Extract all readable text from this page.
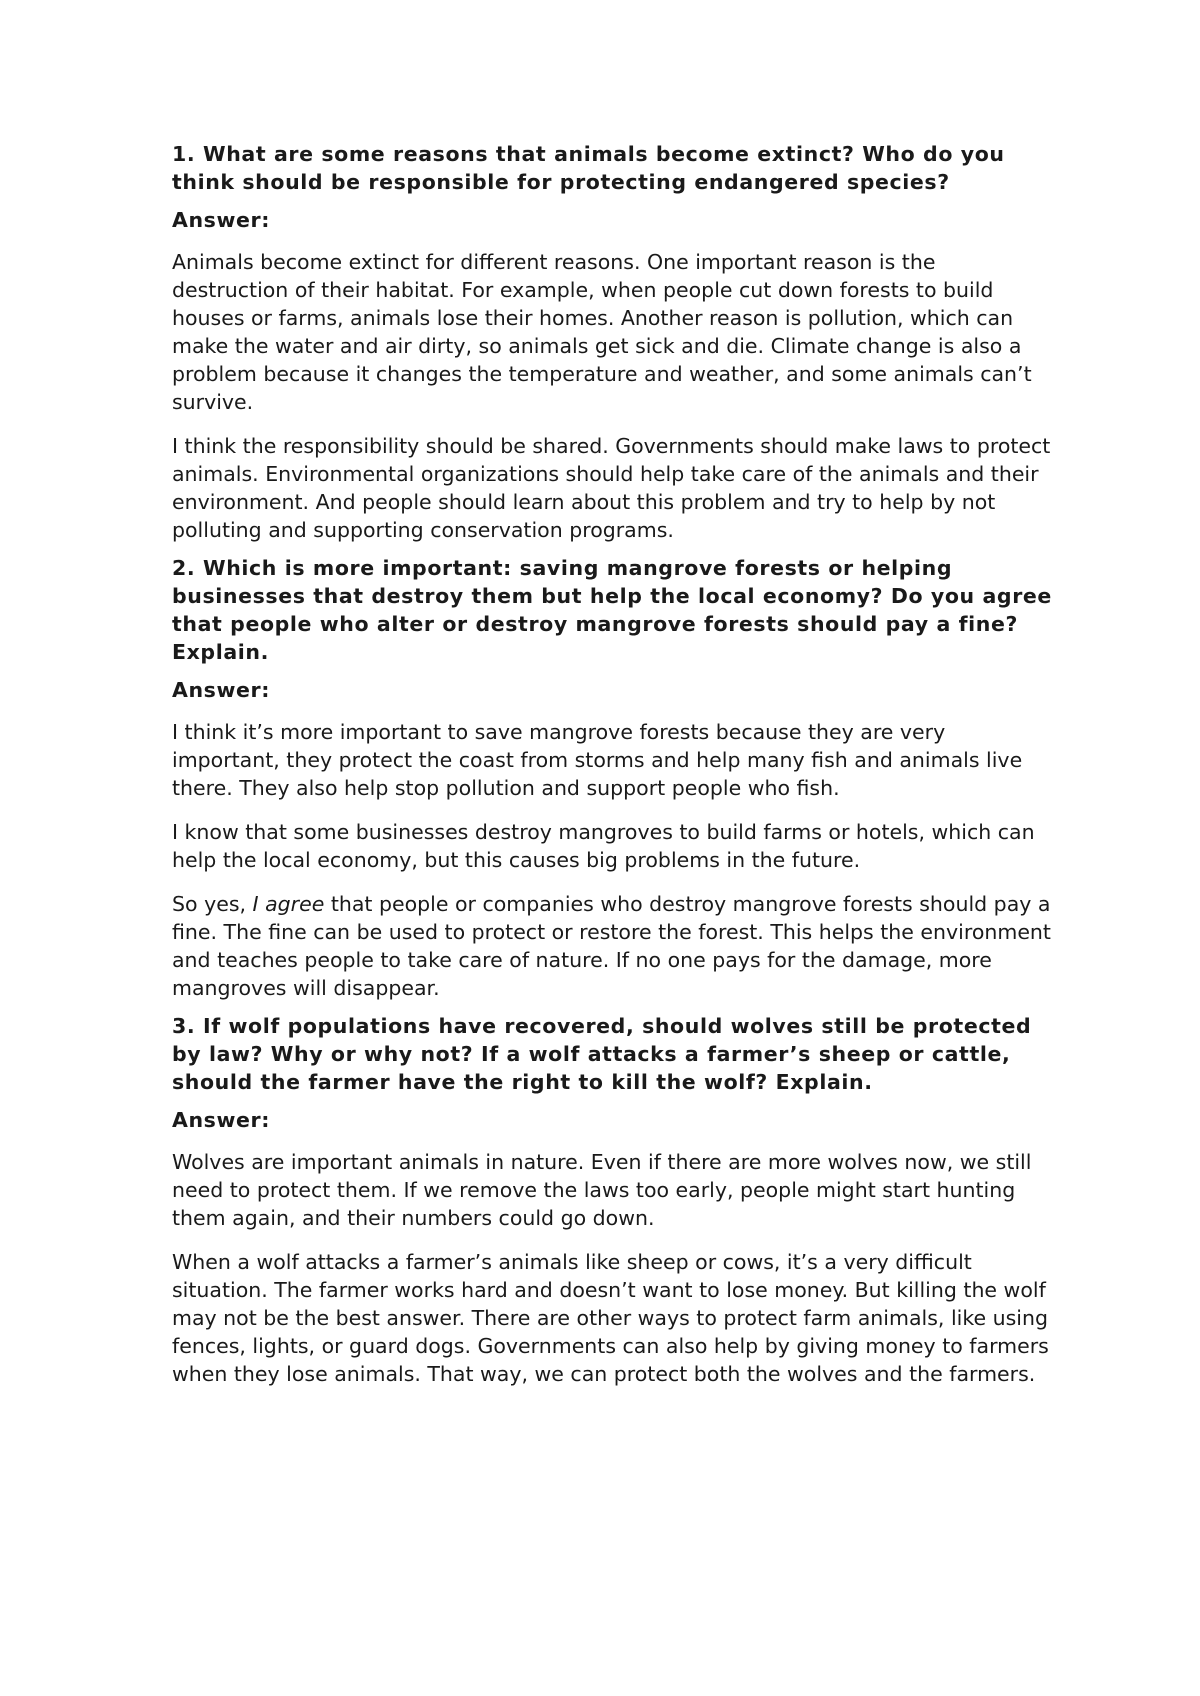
1. What are some reasons that animals become extinct? Who do you think should be responsible for protecting endangered species?

Answer:

Animals become extinct for different reasons. One important reason is the destruction of their habitat. For example, when people cut down forests to build houses or farms, animals lose their homes. Another reason is pollution, which can make the water and air dirty, so animals get sick and die. Climate change is also a problem because it changes the temperature and weather, and some animals can’t survive.

I think the responsibility should be shared. Governments should make laws to protect animals. Environmental organizations should help take care of the animals and their environment. And people should learn about this problem and try to help by not polluting and supporting conservation programs.

2. Which is more important: saving mangrove forests or helping businesses that destroy them but help the local economy? Do you agree that people who alter or destroy mangrove forests should pay a fine? Explain.

Answer:

I think it’s more important to save mangrove forests because they are very important, they protect the coast from storms and help many fish and animals live there. They also help stop pollution and support people who fish.

I know that some businesses destroy mangroves to build farms or hotels, which can help the local economy, but this causes big problems in the future.

So yes, I agree that people or companies who destroy mangrove forests should pay a fine. The fine can be used to protect or restore the forest. This helps the environment and teaches people to take care of nature. If no one pays for the damage, more mangroves will disappear.

3. If wolf populations have recovered, should wolves still be protected by law? Why or why not? If a wolf attacks a farmer’s sheep or cattle, should the farmer have the right to kill the wolf? Explain.

Answer:

Wolves are important animals in nature. Even if there are more wolves now, we still need to protect them. If we remove the laws too early, people might start hunting them again, and their numbers could go down.

When a wolf attacks a farmer’s animals like sheep or cows, it’s a very difficult situation. The farmer works hard and doesn’t want to lose money. But killing the wolf may not be the best answer. There are other ways to protect farm animals, like using fences, lights, or guard dogs. Governments can also help by giving money to farmers when they lose animals. That way, we can protect both the wolves and the farmers.
